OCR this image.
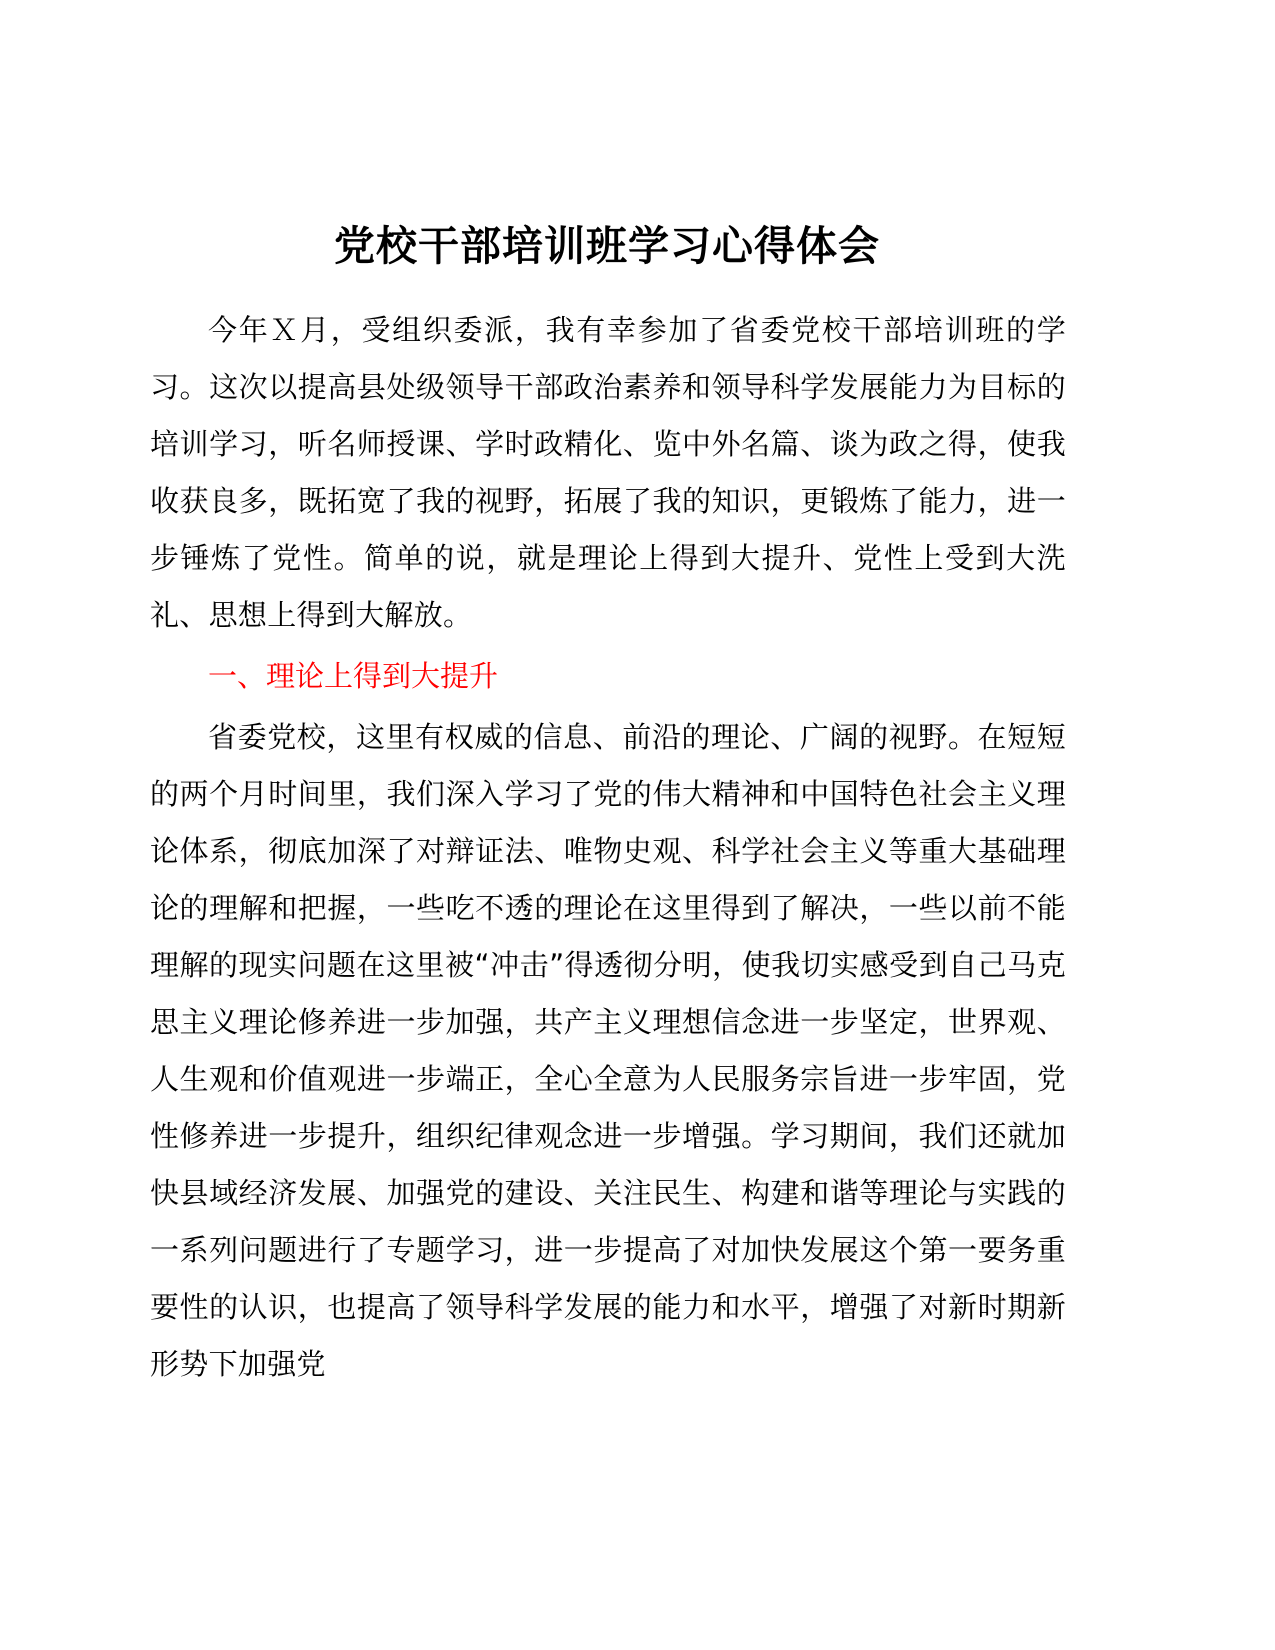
党校干部培训班学习心得体会

今年Ｘ月，受组织委派，我有幸参加了省委党校干部培训班的学习。这次以提高县处级领导干部政治素养和领导科学发展能力为目标的培训学习，听名师授课、学时政精化、览中外名篇、谈为政之得，使我收获良多，既拓宽了我的视野，拓展了我的知识，更锻炼了能力，进一步锤炼了党性。简单的说，就是理论上得到大提升、党性上受到大洗礼、思想上得到大解放。

一、理论上得到大提升

省委党校，这里有权威的信息、前沿的理论、广阔的视野。在短短的两个月时间里，我们深入学习了党的伟大精神和中国特色社会主义理论体系，彻底加深了对辩证法、唯物史观、科学社会主义等重大基础理论的理解和把握，一些吃不透的理论在这里得到了解决，一些以前不能理解的现实问题在这里被“冲击”得透彻分明，使我切实感受到自己马克思主义理论修养进一步加强，共产主义理想信念进一步坚定，世界观、人生观和价值观进一步端正，全心全意为人民服务宗旨进一步牢固，党性修养进一步提升，组织纪律观念进一步增强。学习期间，我们还就加快县域经济发展、加强党的建设、关注民生、构建和谐等理论与实践的一系列问题进行了专题学习，进一步提高了对加快发展这个第一要务重要性的认识，也提高了领导科学发展的能力和水平，增强了对新时期新形势下加强党
